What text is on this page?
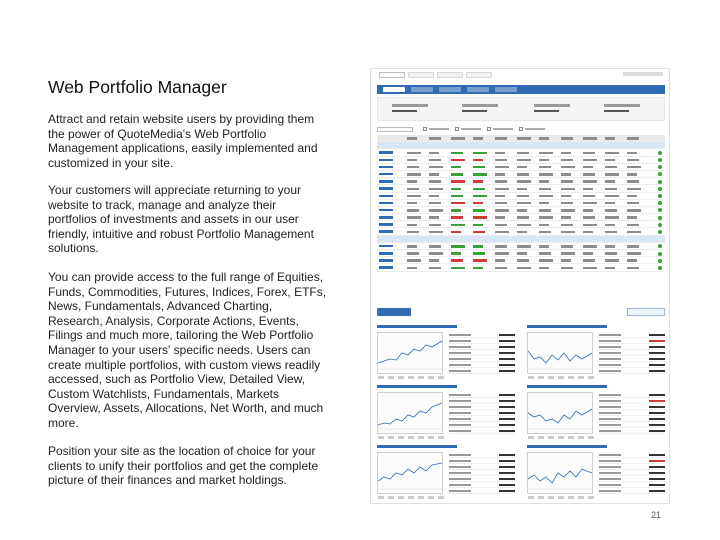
Web Portfolio Manager
Attract and retain website users by providing them the power of QuoteMedia's Web Portfolio Management applications, easily implemented and customized in your site.
Your customers will appreciate returning to your website to track, manage and analyze their portfolios of investments and assets in our user friendly, intuitive and robust Portfolio Management solutions.
You can provide access to the full range of Equities, Funds, Commodities, Futures, Indices, Forex, ETFs, News, Fundamentals, Advanced Charting, Research, Analysis, Corporate Actions, Events, Filings and much more, tailoring the Web Portfolio Manager to your users' specific needs. Users can create multiple portfolios, with custom views readily accessed, such as Portfolio View, Detailed View, Custom Watchlists, Fundamentals, Markets Overview, Assets, Allocations, Net Worth, and much more.
Position your site as the location of choice for your clients to unify their portfolios and get the complete picture of their finances and market holdings.
21
